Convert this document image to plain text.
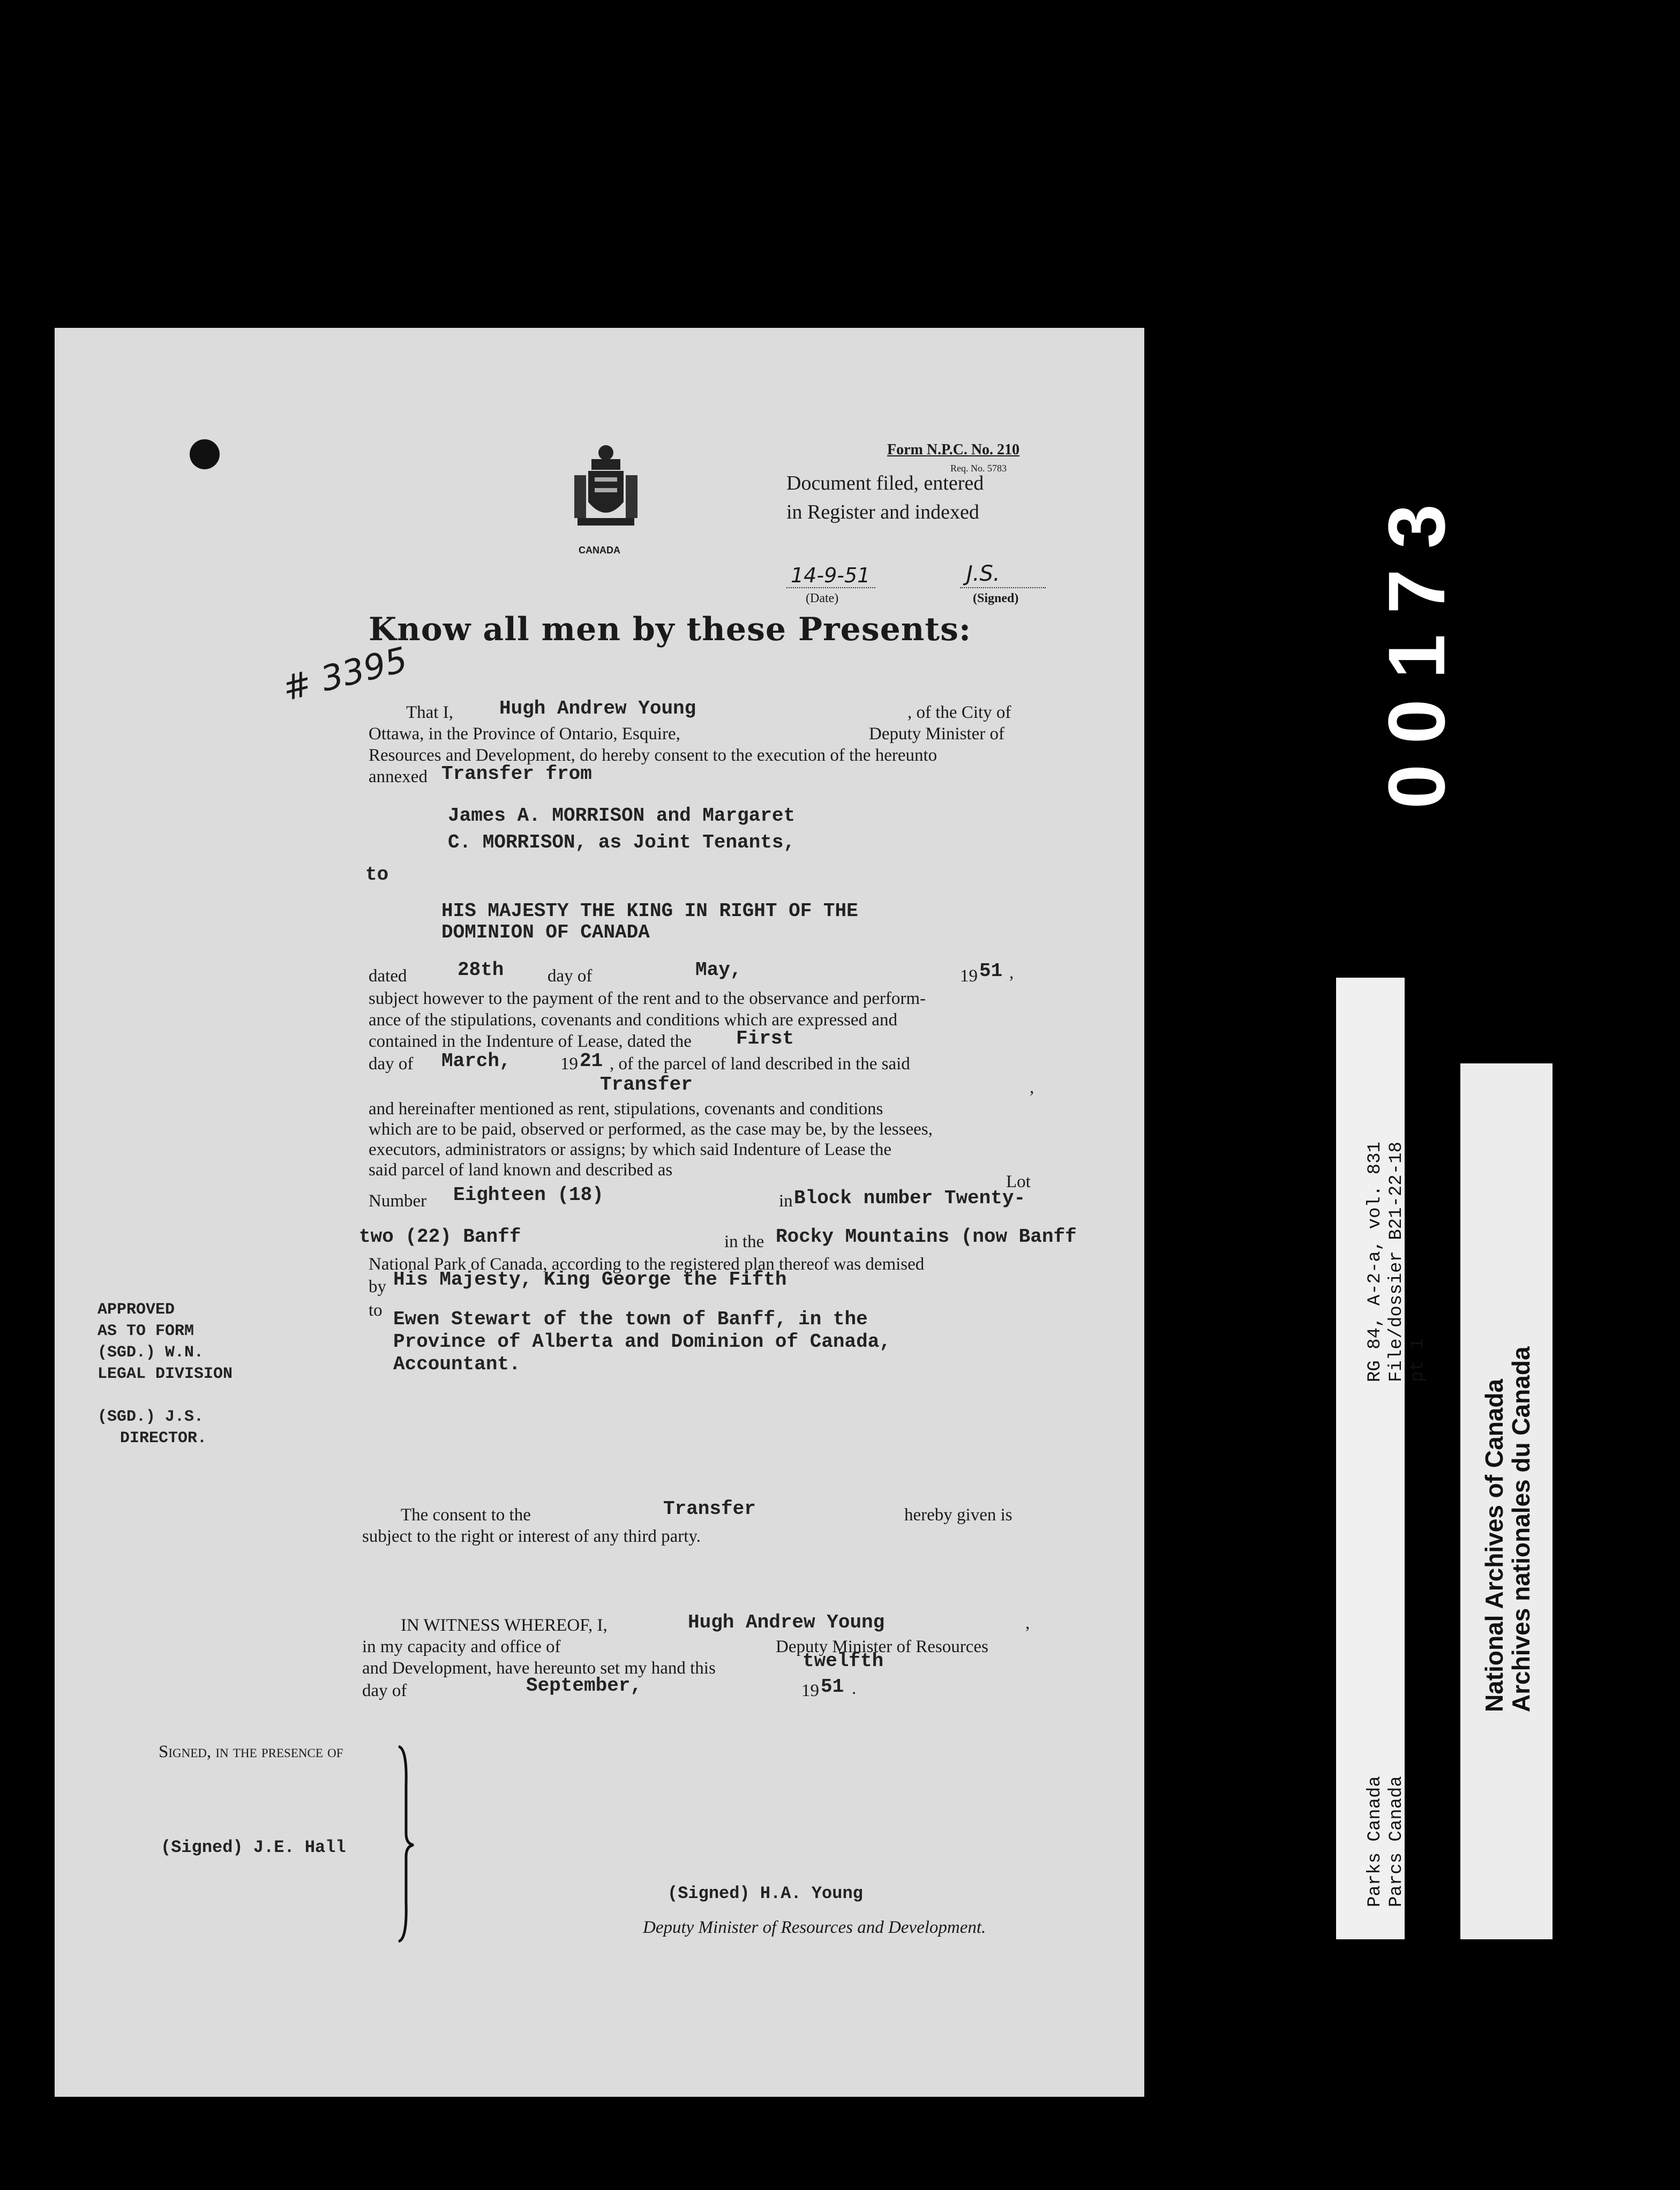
00173
CANADA
Form N.P.C. No. 210
Req. No. 5783
Document filed, entered
in Register and indexed
14-9-51
(Date)
J.S.
(Signed)
# 3395
Know all men by these Presents:
That I, Hugh Andrew Young	, of the City of
Ottawa, in the Province of Ontario, Esquire,	Deputy Minister of
Resources and Development, do hereby consent to the execution of the hereunto
annexed Transfer from
James A. MORRISON and Margaret
C. MORRISON, as Joint Tenants,
to
HIS MAJESTY THE KING IN RIGHT OF THE
DOMINION OF CANADA
dated	28th day of	May,	19 51 ,
subject however to the payment of the rent and to the observance and perform-
ance of the stipulations, covenants and conditions which are expressed and
contained in the Indenture of Lease, dated the First
day of March,	19 21 , of the parcel of land described in the said
Transfer	,
and hereinafter mentioned as rent, stipulations, covenants and conditions
which are to be paid, observed or performed, as the case may be, by the lessees,
executors, administrators or assigns; by which said Indenture of Lease the
said parcel of land known and described as
Lot
Number Eighteen (18)	in Block number Twenty-
two (22) Banff	in the Rocky Mountains (now Banff
National Park of Canada, according to the registered plan thereof was demised
by His Majesty, King George the Fifth
to Ewen Stewart of the town of Banff, in the
Province of Alberta and Dominion of Canada,
Accountant.
APPROVED
AS TO FORM
(SGD.) W.N.
LEGAL DIVISION
(SGD.) J.S.
DIRECTOR.
The consent to the	Transfer	hereby given is
subject to the right or interest of any third party.
IN WITNESS WHEREOF, I,	Hugh Andrew Young	,
in my capacity and office of	Deputy Minister of Resources
and Development, have hereunto set my hand this	twelfth
day of	September,	19 51 .
Signed, in the presence of
(Signed) J.E. Hall
(Signed) H.A. Young
Deputy Minister of Resources and Development.
RG 84, A-2-a, vol. 831 File/dossier B21-22-18 pt 1
Parks Canada Parcs Canada
National Archives of Canada
Archives nationales du Canada
